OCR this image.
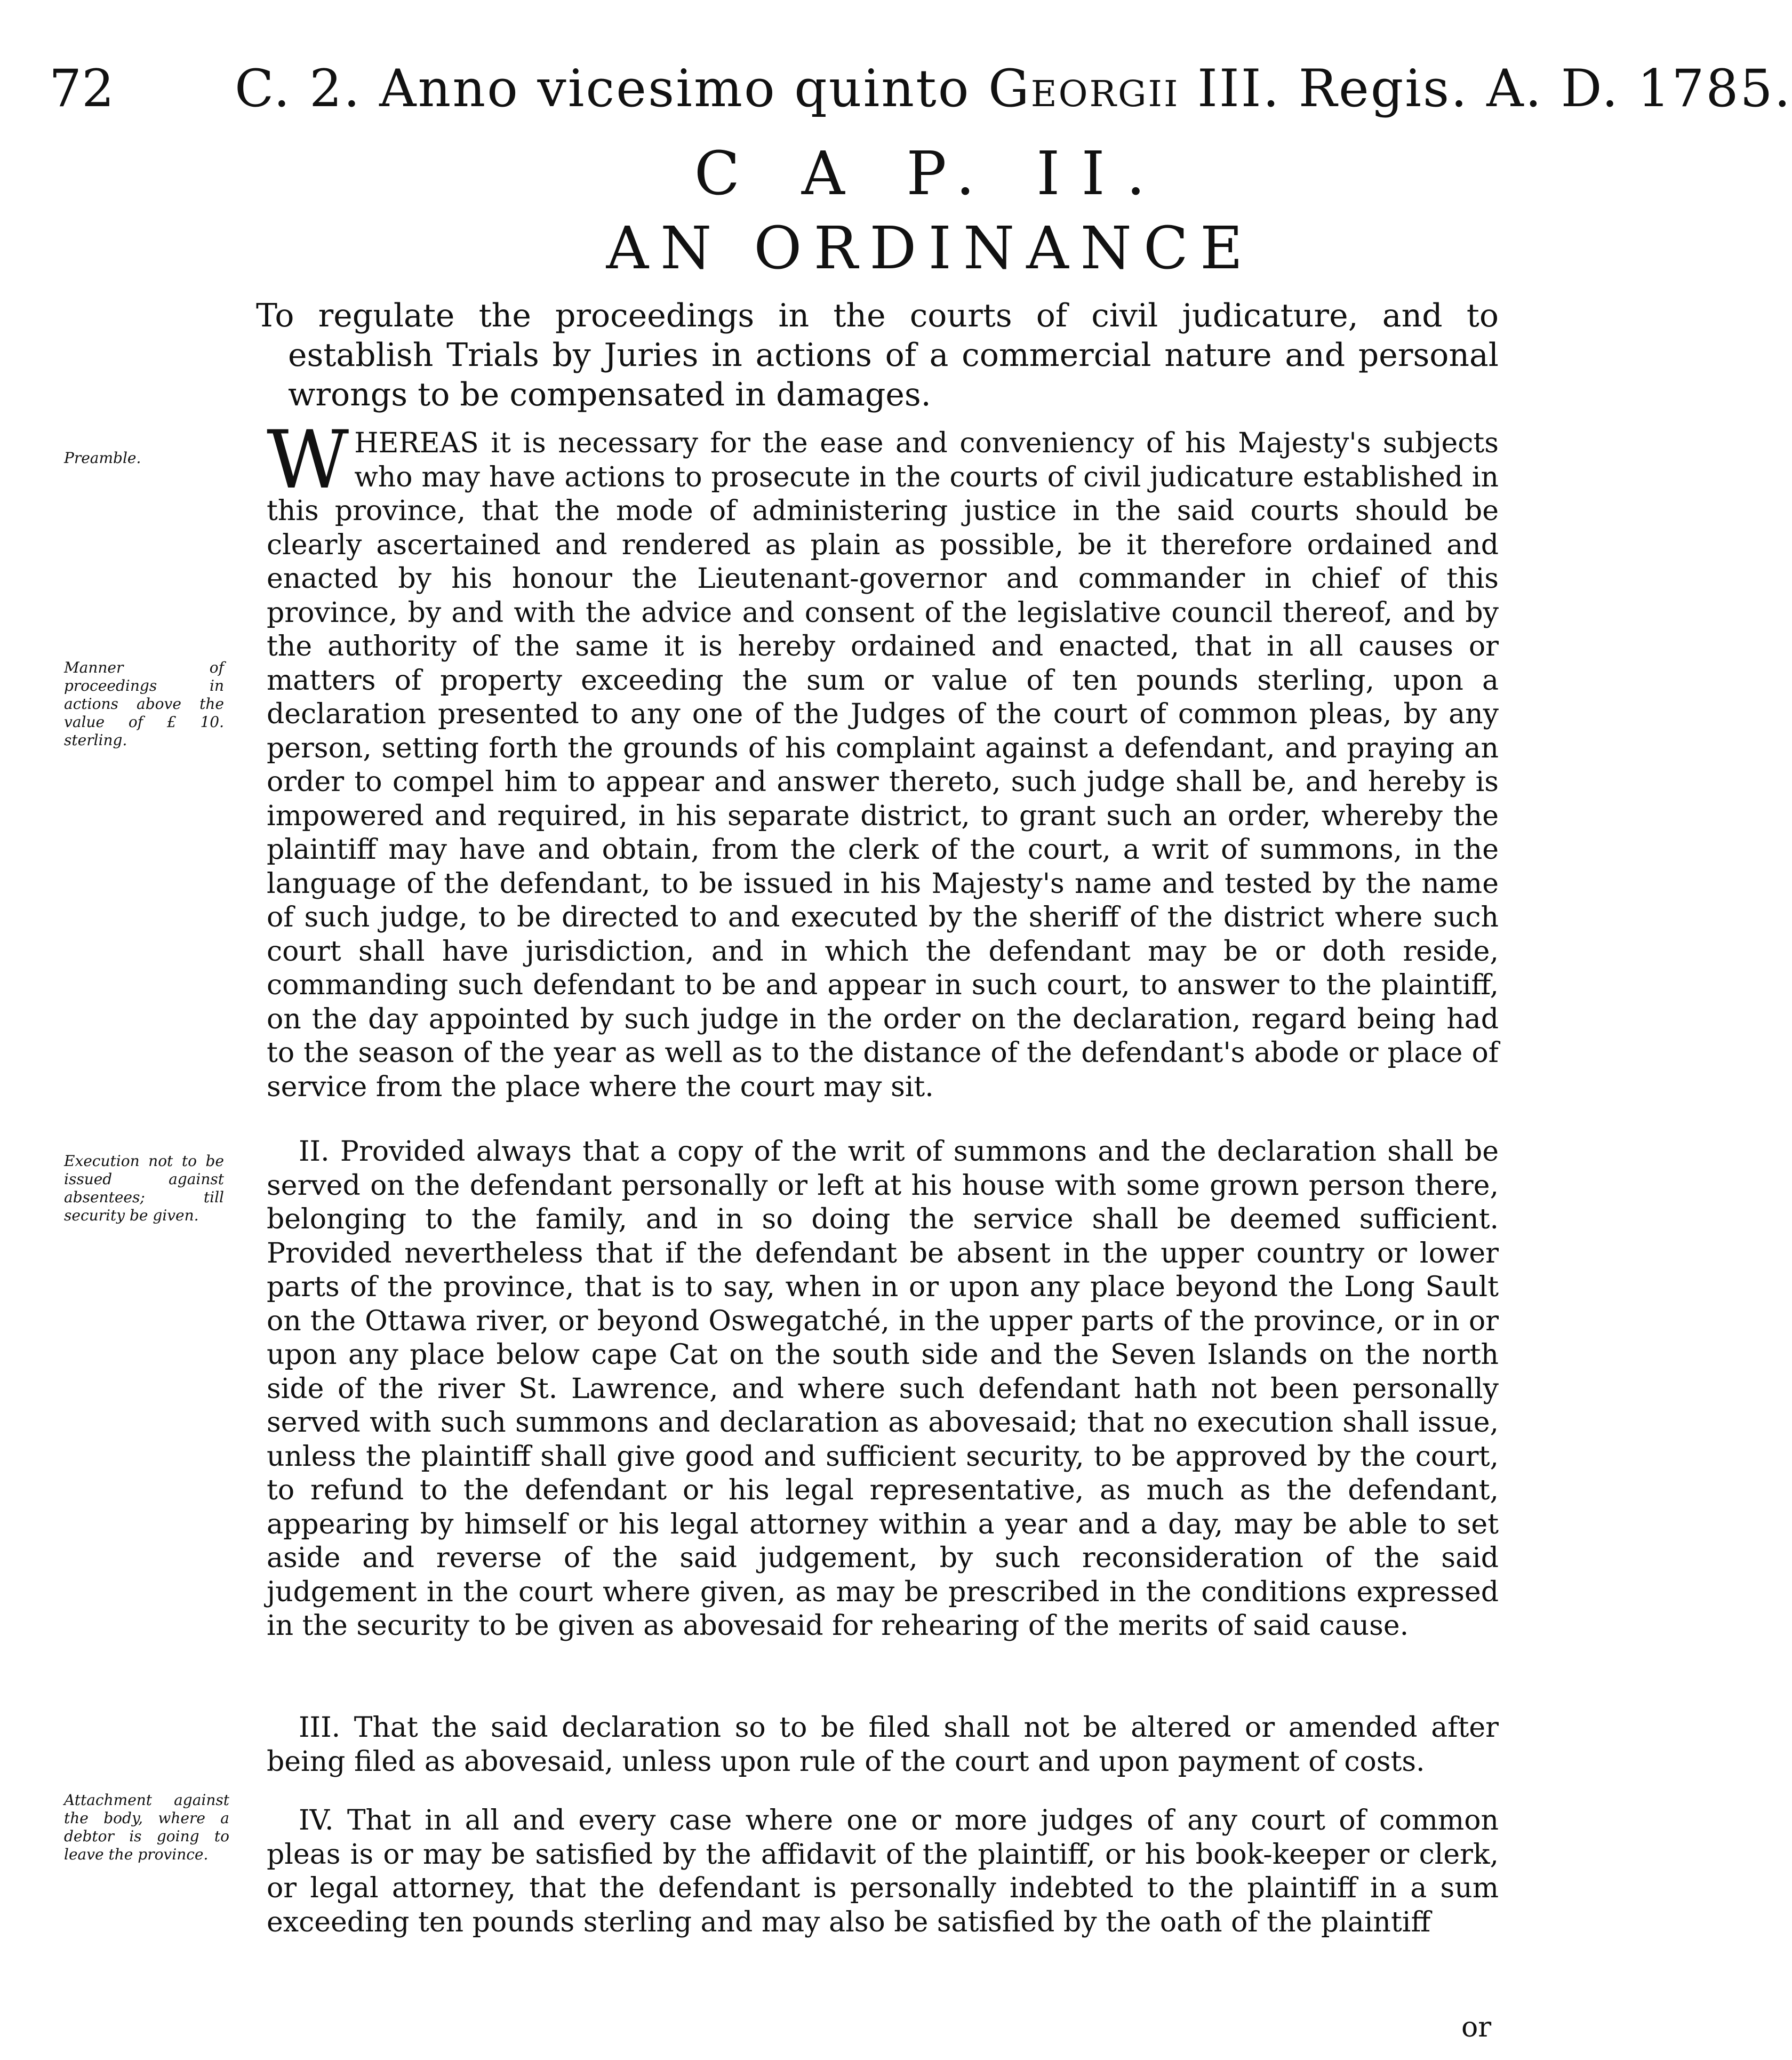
72 C. 2. Anno vicesimo quinto Georgii III. Regis. A. D. 1785.
C A P. II.
AN ORDINANCE
To regulate the proceedings in the courts of civil judicature, and to establish Trials by Juries in actions of a commercial nature and personal wrongs to be compensated in damages.
Preamble.
Manner of proceedings in actions above the value of £ 10. sterling.
Execution not to be issued against absentees; till security be given.
Attachment against the body, where a debtor is going to leave the province.
WHEREAS it is necessary for the ease and conveniency of his Majesty's subjects who may have actions to prosecute in the courts of civil judicature established in this province, that the mode of administering justice in the said courts should be clearly ascertained and rendered as plain as possible, be it therefore ordained and enacted by his honour the Lieutenant-governor and commander in chief of this province, by and with the advice and consent of the legislative council thereof, and by the authority of the same it is hereby ordained and enacted, that in all causes or matters of property exceeding the sum or value of ten pounds sterling, upon a declaration presented to any one of the Judges of the court of common pleas, by any person, setting forth the grounds of his complaint against a defendant, and praying an order to compel him to appear and answer thereto, such judge shall be, and hereby is impowered and required, in his separate district, to grant such an order, whereby the plaintiff may have and obtain, from the clerk of the court, a writ of summons, in the language of the defendant, to be issued in his Majesty's name and tested by the name of such judge, to be directed to and executed by the sheriff of the district where such court shall have jurisdiction, and in which the defendant may be or doth reside, commanding such defendant to be and appear in such court, to answer to the plaintiff, on the day appointed by such judge in the order on the declaration, regard being had to the season of the year as well as to the distance of the defendant's abode or place of service from the place where the court may sit.
II. Provided always that a copy of the writ of summons and the declaration shall be served on the defendant personally or left at his house with some grown person there, belonging to the family, and in so doing the service shall be deemed sufficient. Provided nevertheless that if the defendant be absent in the upper country or lower parts of the province, that is to say, when in or upon any place beyond the Long Sault on the Ottawa river, or beyond Oswegatché, in the upper parts of the province, or in or upon any place below cape Cat on the south side and the Seven Islands on the north side of the river St. Lawrence, and where such defendant hath not been personally served with such summons and declaration as abovesaid; that no execution shall issue, unless the plaintiff shall give good and sufficient security, to be approved by the court, to refund to the defendant or his legal representative, as much as the defendant, appearing by himself or his legal attorney within a year and a day, may be able to set aside and reverse of the said judgement, by such reconsideration of the said judgement in the court where given, as may be prescribed in the conditions expressed in the security to be given as abovesaid for rehearing of the merits of said cause.
III. That the said declaration so to be filed shall not be altered or amended after being filed as abovesaid, unless upon rule of the court and upon payment of costs.
IV. That in all and every case where one or more judges of any court of common pleas is or may be satisfied by the affidavit of the plaintiff, or his book-keeper or clerk, or legal attorney, that the defendant is personally indebted to the plaintiff in a sum exceeding ten pounds sterling and may also be satisfied by the oath of the plaintiff
or
